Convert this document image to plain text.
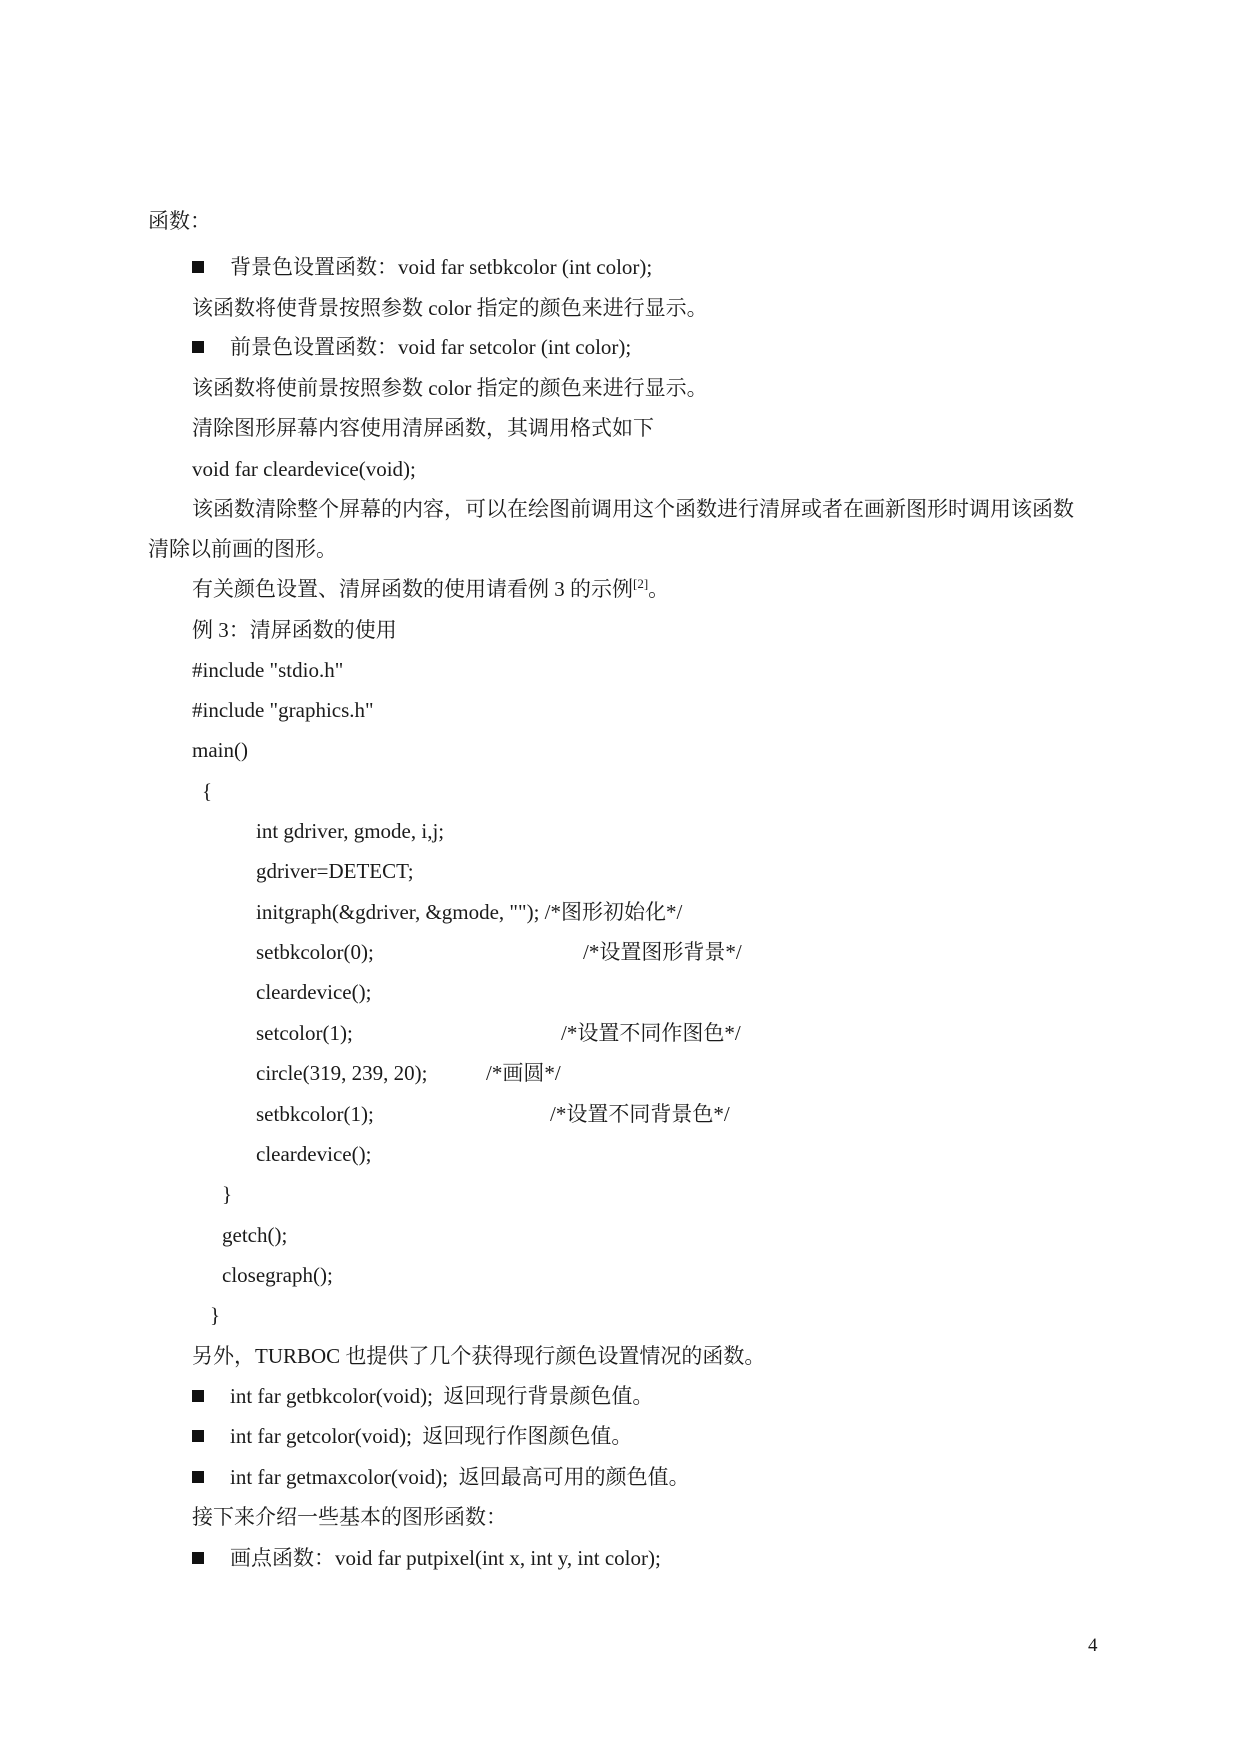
函数：
背景色设置函数：void far setbkcolor (int color);
该函数将使背景按照参数 color 指定的颜色来进行显示。
前景色设置函数：void far setcolor (int color);
该函数将使前景按照参数 color 指定的颜色来进行显示。
清除图形屏幕内容使用清屏函数，其调用格式如下
void far cleardevice(void);
该函数清除整个屏幕的内容，可以在绘图前调用这个函数进行清屏或者在画新图形时调用该函数
清除以前画的图形。
有关颜色设置、清屏函数的使用请看例 3 的示例[2]。
例 3：清屏函数的使用
#include "stdio.h"
#include "graphics.h"
main()
{
int gdriver, gmode, i,j;
gdriver=DETECT;
initgraph(&gdriver, &gmode, ""); /*图形初始化*/
setbkcolor(0);	/*设置图形背景*/
cleardevice();
setcolor(1);	/*设置不同作图色*/
circle(319, 239, 20);	/*画圆*/
setbkcolor(1);	/*设置不同背景色*/
cleardevice();
}
getch();
closegraph();
}
另外，TURBOC 也提供了几个获得现行颜色设置情况的函数。
int far getbkcolor(void);  返回现行背景颜色值。
int far getcolor(void);  返回现行作图颜色值。
int far getmaxcolor(void);  返回最高可用的颜色值。
接下来介绍一些基本的图形函数：
画点函数：void far putpixel(int x, int y, int color);
4
